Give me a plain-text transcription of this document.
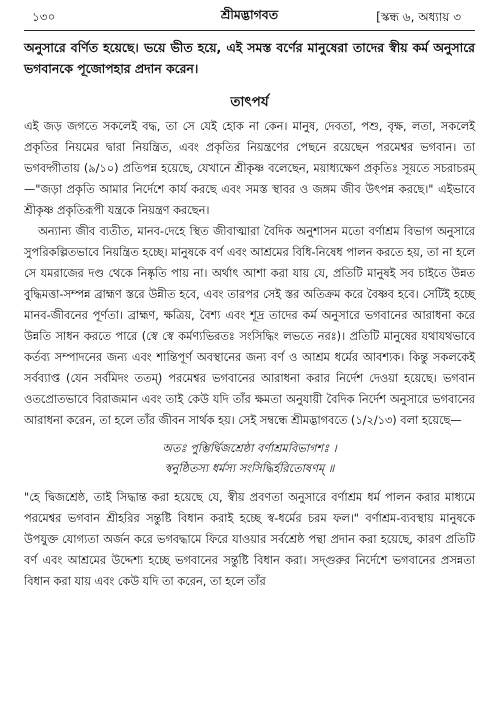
১৩০	শ্রীমদ্ভাগবত	[স্কন্ধ ৬, অধ্যায় ৩

অনুসারে বর্ণিত হয়েছে। ভয়ে ভীত হয়ে, এই সমস্ত বর্ণের মানুষেরা তাদের স্বীয় কর্ম অনুসারে ভগবানকে পূজোপহার প্রদান করেন।

তাৎপর্য

এই জড় জগতে সকলেই বদ্ধ, তা সে যেই হোক না কেন। মানুষ, দেবতা, পশু, বৃক্ষ, লতা, সকলেই প্রকৃতির নিয়মের দ্বারা নিয়ন্ত্রিত, এবং প্রকৃতির নিয়ন্ত্রণের পেছনে রয়েছেন পরমেশ্বর ভগবান। তা ভগবদ্গীতায় (৯/১০) প্রতিপন্ন হয়েছে, যেখানে শ্রীকৃষ্ণ বলেছেন, ময়াধ্যক্ষেণ প্রকৃতিঃ সূয়তে সচরাচরম্‌ —"জড়া প্রকৃতি আমার নির্দেশে কার্য করছে এবং সমস্ত স্থাবর ও জঙ্গম জীব উৎপন্ন করছে।" এইভাবে শ্রীকৃষ্ণ প্রকৃতিরূপী যন্ত্রকে নিয়ন্ত্রণ করছেন।

অন্যান্য জীব ব্যতীত, মানব-দেহে স্থিত জীবাত্মারা বৈদিক অনুশাসন মতো বর্ণাশ্রম বিভাগ অনুসারে সুপরিকল্পিতভাবে নিয়ন্ত্রিত হচ্ছে। মানুষকে বর্ণ এবং আশ্রমের বিধি-নিষেধ পালন করতে হয়, তা না হলে সে যমরাজের দণ্ড থেকে নিষ্কৃতি পায় না। অর্থাৎ আশা করা যায় যে, প্রতিটি মানুষই সব চাইতে উন্নত বুদ্ধিমত্তা-সম্পন্ন ব্রাহ্মণ স্তরে উন্নীত হবে, এবং তারপর সেই স্তর অতিক্রম করে বৈষ্ণব হবে। সেটিই হচ্ছে মানব-জীবনের পূর্ণতা। ব্রাহ্মণ, ক্ষত্রিয়, বৈশ্য এবং শূদ্র তাদের কর্ম অনুসারে ভগবানের আরাধনা করে উন্নতি সাধন করতে পারে (স্বে স্বে কর্মণ্যভিরতঃ সংসিদ্ধিং লভতে নরঃ)। প্রতিটি মানুষের যথাযথভাবে কর্তব্য সম্পাদনের জন্য এবং শান্তিপূর্ণ অবস্থানের জন্য বর্ণ ও আশ্রম ধর্মের আবশ্যক। কিন্তু সকলকেই সর্বব্যাপ্ত (যেন সর্বমিদং ততম্‌) পরমেশ্বর ভগবানের আরাধনা করার নির্দেশ দেওয়া হয়েছে। ভগবান ওতপ্রোতভাবে বিরাজমান এবং তাই কেউ যদি তাঁর ক্ষমতা অনুযায়ী বৈদিক নির্দেশ অনুসারে ভগবানের আরাধনা করেন, তা হলে তাঁর জীবন সার্থক হয়। সেই সম্বন্ধে শ্রীমদ্ভাগবতে (১/২/১৩) বলা হয়েছে—

অতঃ পুম্ভির্দ্বিজশ্রেষ্ঠা বর্ণাশ্রমবিভাগশঃ ।
স্বনুষ্ঠিতস্য ধর্মস্য সংসিদ্ধির্হরিতোষণম্‌ ॥

"হে দ্বিজশ্রেষ্ঠ, তাই সিদ্ধান্ত করা হয়েছে যে, স্বীয় প্রবণতা অনুসারে বর্ণাশ্রম ধর্ম পালন করার মাধ্যমে পরমেশ্বর ভগবান শ্রীহরির সন্তুষ্টি বিধান করাই হচ্ছে স্ব-ধর্মের চরম ফল।" বর্ণাশ্রম-ব্যবস্থায় মানুষকে উপযুক্ত যোগ্যতা অর্জন করে ভগবদ্ধামে ফিরে যাওয়ার সর্বশ্রেষ্ঠ পন্থা প্রদান করা হয়েছে, কারণ প্রতিটি বর্ণ এবং আশ্রমের উদ্দেশ্য হচ্ছে ভগবানের সন্তুষ্টি বিধান করা। সদ্গুরুর নির্দেশে ভগবানের প্রসন্নতা বিধান করা যায় এবং কেউ যদি তা করেন, তা হলে তাঁর
